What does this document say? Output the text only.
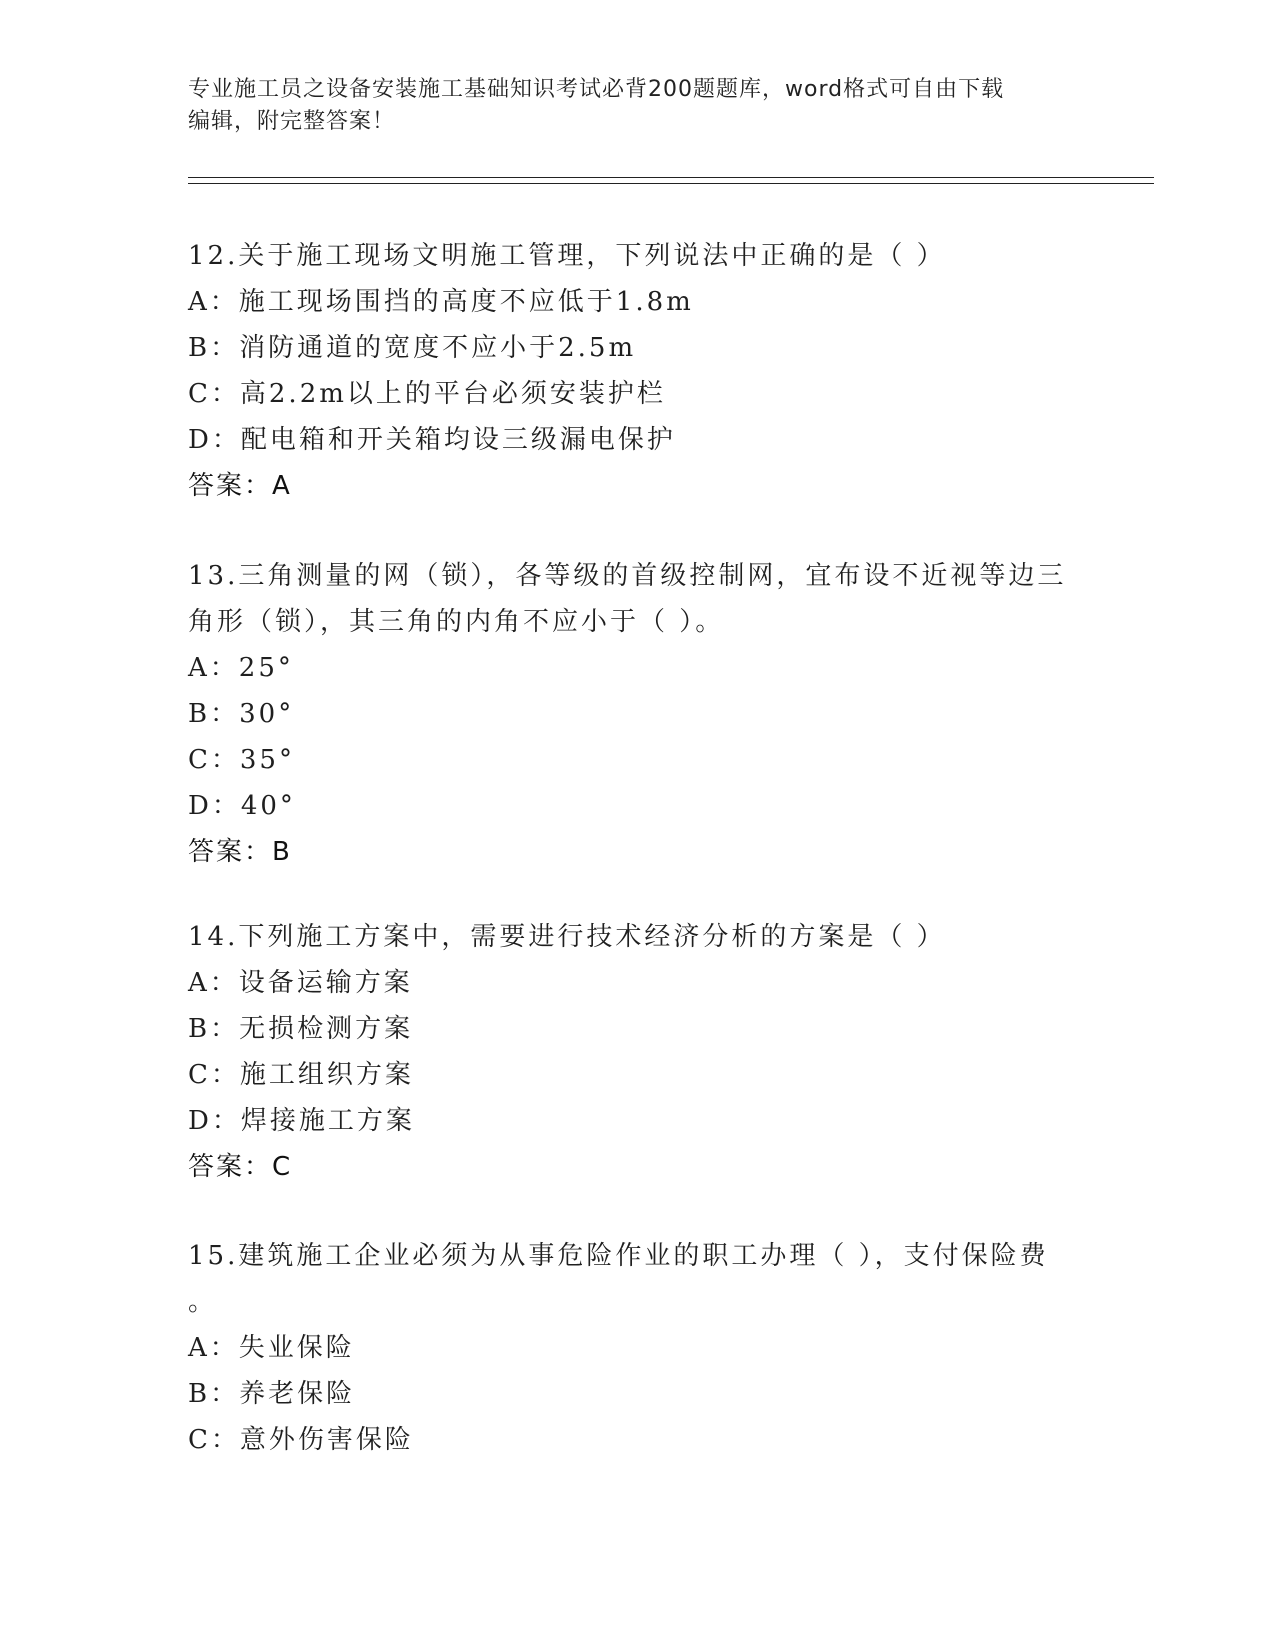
专业施工员之设备安装施工基础知识考试必背200题题库，word格式可自由下载
编辑，附完整答案！

12.关于施工现场文明施工管理，下列说法中正确的是（ ）

A：施工现场围挡的高度不应低于1.8m

B：消防通道的宽度不应小于2.5m

C：高2.2m以上的平台必须安装护栏

D：配电箱和开关箱均设三级漏电保护

答案：A

13.三角测量的网（锁），各等级的首级控制网，宜布设不近视等边三

角形（锁），其三角的内角不应小于（ ）。

A：25°

B：30°

C：35°

D：40°

答案：B

14.下列施工方案中，需要进行技术经济分析的方案是（ ）

A：设备运输方案

B：无损检测方案

C：施工组织方案

D：焊接施工方案

答案：C

15.建筑施工企业必须为从事危险作业的职工办理（ ），支付保险费

。

A：失业保险

B：养老保险

C：意外伤害保险
